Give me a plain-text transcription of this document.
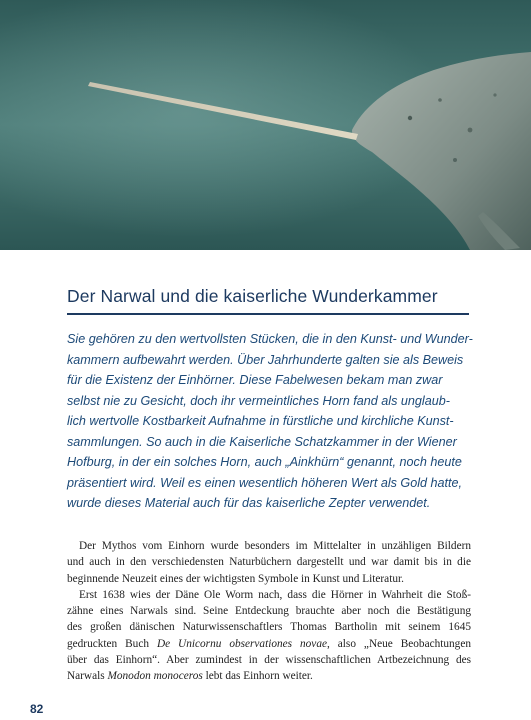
Der Narwal und die kaiserliche Wunderkammer
Sie gehören zu den wertvollsten Stücken, die in den Kunst- und Wunder-
kammern aufbewahrt werden. Über Jahrhunderte galten sie als Beweis
für die Existenz der Einhörner. Diese Fabelwesen bekam man zwar
selbst nie zu Gesicht, doch ihr vermeintliches Horn fand als unglaub-
lich wertvolle Kostbarkeit Aufnahme in fürstliche und kirchliche Kunst-
sammlungen. So auch in die Kaiserliche Schatzkammer in der Wiener
Hofburg, in der ein solches Horn, auch „Ainkhürn“ genannt, noch heute
präsentiert wird. Weil es einen wesentlich höheren Wert als Gold hatte,
wurde dieses Material auch für das kaiserliche Zepter verwendet.
Der Mythos vom Einhorn wurde besonders im Mittelalter in unzähligen Bildern
und auch in den verschiedensten Naturbüchern dargestellt und war damit bis in die
beginnende Neuzeit eines der wichtigsten Symbole in Kunst und Literatur.
Erst 1638 wies der Däne Ole Worm nach, dass die Hörner in Wahrheit die Stoß-
zähne eines Narwals sind. Seine Entdeckung brauchte aber noch die Bestätigung
des großen dänischen Naturwissenschaftlers Thomas Bartholin mit seinem 1645
gedruckten Buch De Unicornu observationes novae, also „Neue Beobachtungen
über das Einhorn“. Aber zumindest in der wissenschaftlichen Artbezeichnung des
Narwals Monodon monoceros lebt das Einhorn weiter.
82
